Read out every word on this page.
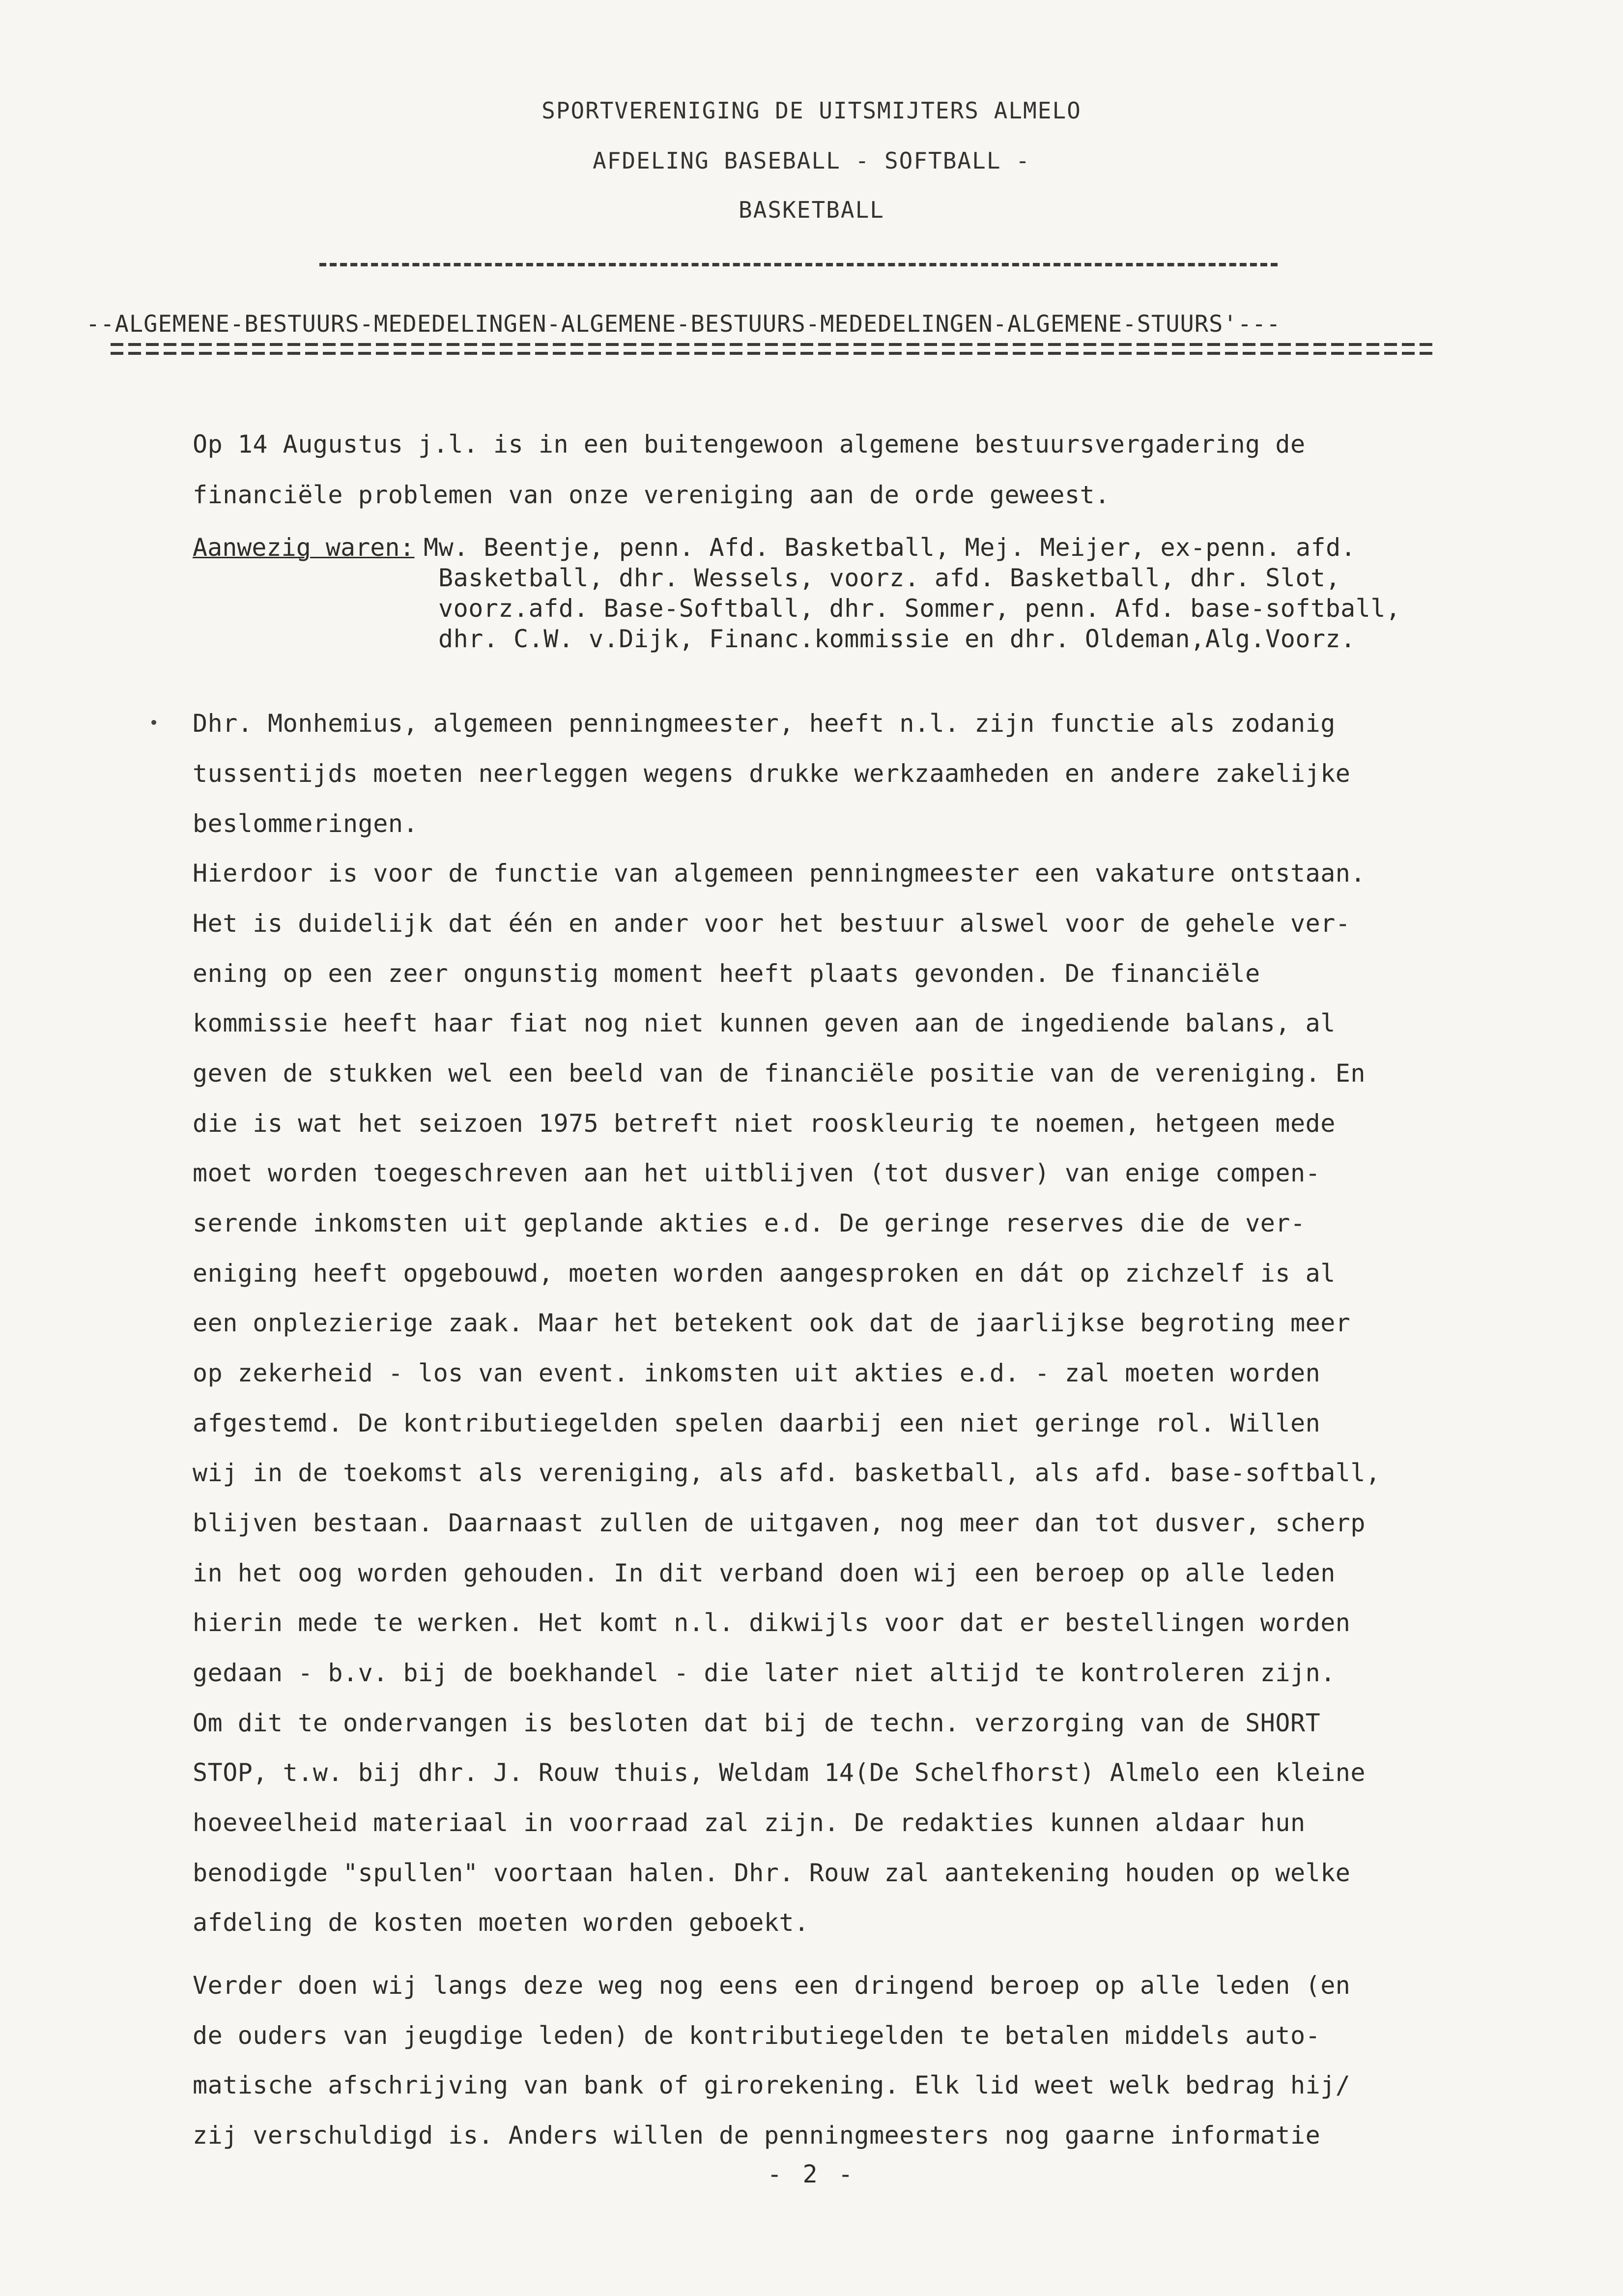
SPORTVERENIGING DE UITSMIJTERS ALMELO
AFDELING BASEBALL - SOFTBALL -
BASKETBALL
--ALGEMENE-BESTUURS-MEDEDELINGEN-ALGEMENE-BESTUURS-MEDEDELINGEN-ALGEMENE-STUURS'---
Op 14 Augustus j.l. is in een buitengewoon algemene bestuursvergadering de
financiële problemen van onze vereniging aan de orde geweest.
Aanwezig waren: Mw. Beentje, penn. Afd. Basketball, Mej. Meijer, ex-penn. afd.
Basketball, dhr. Wessels, voorz. afd. Basketball, dhr. Slot,
voorz.afd. Base-Softball, dhr. Sommer, penn. Afd. base-softball,
dhr. C.W. v.Dijk, Financ.kommissie en dhr. Oldeman,Alg.Voorz.
Dhr. Monhemius, algemeen penningmeester, heeft n.l. zijn functie als zodanig
tussentijds moeten neerleggen wegens drukke werkzaamheden en andere zakelijke
beslommeringen.
Hierdoor is voor de functie van algemeen penningmeester een vakature ontstaan.
Het is duidelijk dat één en ander voor het bestuur alswel voor de gehele ver-
ening op een zeer ongunstig moment heeft plaats gevonden. De financiële
kommissie heeft haar fiat nog niet kunnen geven aan de ingediende balans, al
geven de stukken wel een beeld van de financiële positie van de vereniging. En
die is wat het seizoen 1975 betreft niet rooskleurig te noemen, hetgeen mede
moet worden toegeschreven aan het uitblijven (tot dusver) van enige compen-
serende inkomsten uit geplande akties e.d. De geringe reserves die de ver-
eniging heeft opgebouwd, moeten worden aangesproken en dát op zichzelf is al
een onplezierige zaak. Maar het betekent ook dat de jaarlijkse begroting meer
op zekerheid - los van event. inkomsten uit akties e.d. - zal moeten worden
afgestemd. De kontributiegelden spelen daarbij een niet geringe rol. Willen
wij in de toekomst als vereniging, als afd. basketball, als afd. base-softball,
blijven bestaan. Daarnaast zullen de uitgaven, nog meer dan tot dusver, scherp
in het oog worden gehouden. In dit verband doen wij een beroep op alle leden
hierin mede te werken. Het komt n.l. dikwijls voor dat er bestellingen worden
gedaan - b.v. bij de boekhandel - die later niet altijd te kontroleren zijn.
Om dit te ondervangen is besloten dat bij de techn. verzorging van de SHORT
STOP, t.w. bij dhr. J. Rouw thuis, Weldam 14(De Schelfhorst) Almelo een kleine
hoeveelheid materiaal in voorraad zal zijn. De redakties kunnen aldaar hun
benodigde "spullen" voortaan halen. Dhr. Rouw zal aantekening houden op welke
afdeling de kosten moeten worden geboekt.
Verder doen wij langs deze weg nog eens een dringend beroep op alle leden (en
de ouders van jeugdige leden) de kontributiegelden te betalen middels auto-
matische afschrijving van bank of girorekening. Elk lid weet welk bedrag hij/
zij verschuldigd is. Anders willen de penningmeesters nog gaarne informatie
- 2 -
